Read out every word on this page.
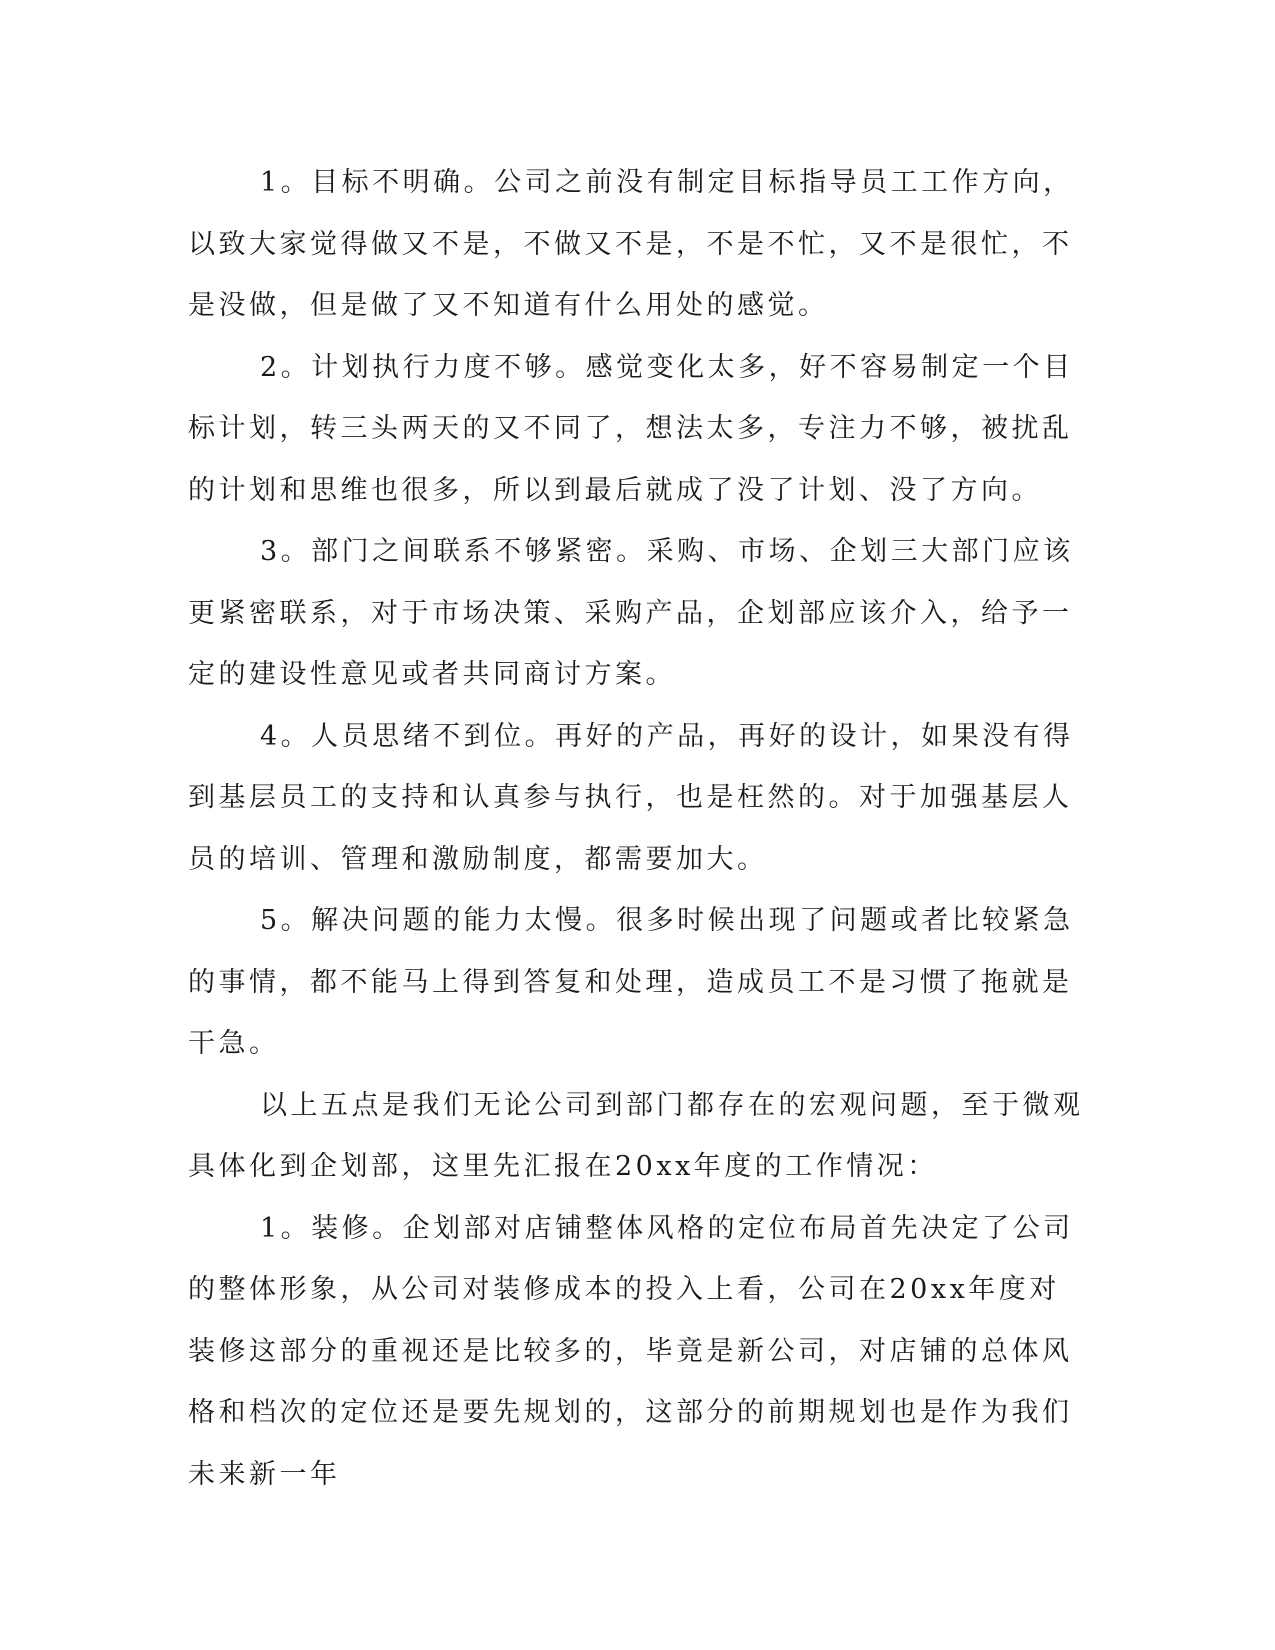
1。目标不明确。公司之前没有制定目标指导员工工作方向，以致大家觉得做又不是，不做又不是，不是不忙，又不是很忙，不是没做，但是做了又不知道有什么用处的感觉。

2。计划执行力度不够。感觉变化太多，好不容易制定一个目标计划，转三头两天的又不同了，想法太多，专注力不够，被扰乱的计划和思维也很多，所以到最后就成了没了计划、没了方向。

3。部门之间联系不够紧密。采购、市场、企划三大部门应该更紧密联系，对于市场决策、采购产品，企划部应该介入，给予一定的建设性意见或者共同商讨方案。

4。人员思绪不到位。再好的产品，再好的设计，如果没有得到基层员工的支持和认真参与执行，也是枉然的。对于加强基层人员的培训、管理和激励制度，都需要加大。

5。解决问题的能力太慢。很多时候出现了问题或者比较紧急的事情，都不能马上得到答复和处理，造成员工不是习惯了拖就是干急。

以上五点是我们无论公司到部门都存在的宏观问题，至于微观具体化到企划部，这里先汇报在20xx年度的工作情况：

1。装修。企划部对店铺整体风格的定位布局首先决定了公司的整体形象，从公司对装修成本的投入上看，公司在20xx年度对装修这部分的重视还是比较多的，毕竟是新公司，对店铺的总体风格和档次的定位还是要先规划的，这部分的前期规划也是作为我们未来新一年
